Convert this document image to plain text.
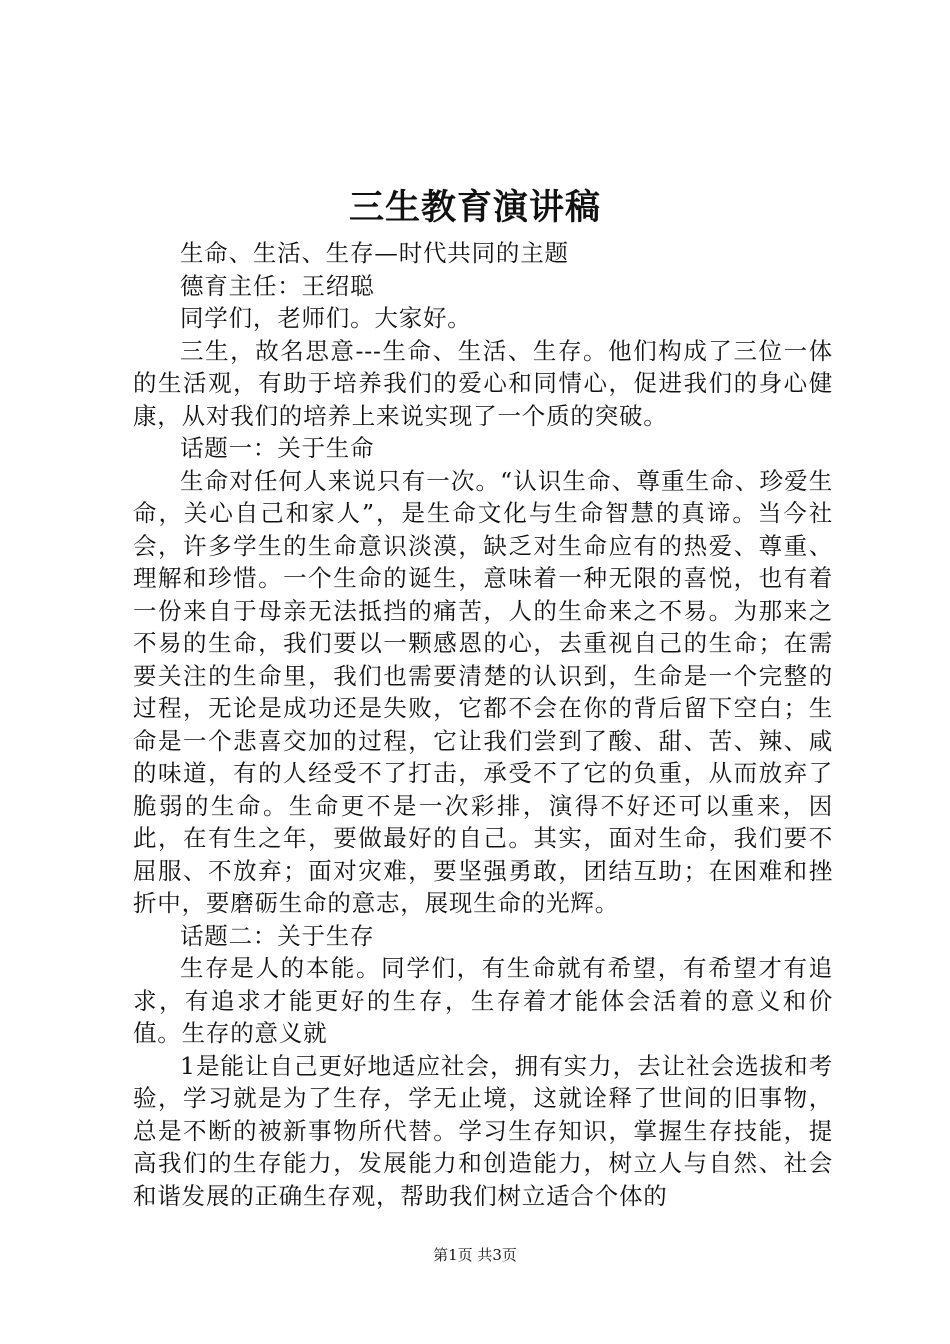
三生教育演讲稿

生命、生活、生存—时代共同的主题

德育主任：王绍聪

同学们，老师们。大家好。

三生，故名思意---生命、生活、生存。他们构成了三位一体的生活观，有助于培养我们的爱心和同情心，促进我们的身心健康，从对我们的培养上来说实现了一个质的突破。

话题一：关于生命

生命对任何人来说只有一次。“认识生命、尊重生命、珍爱生命，关心自己和家人”，是生命文化与生命智慧的真谛。当今社会，许多学生的生命意识淡漠，缺乏对生命应有的热爱、尊重、理解和珍惜。一个生命的诞生，意味着一种无限的喜悦，也有着一份来自于母亲无法抵挡的痛苦，人的生命来之不易。为那来之不易的生命，我们要以一颗感恩的心，去重视自己的生命；在需要关注的生命里，我们也需要清楚的认识到，生命是一个完整的过程，无论是成功还是失败，它都不会在你的背后留下空白；生命是一个悲喜交加的过程，它让我们尝到了酸、甜、苦、辣、咸的味道，有的人经受不了打击，承受不了它的负重，从而放弃了脆弱的生命。生命更不是一次彩排，演得不好还可以重来，因此，在有生之年，要做最好的自己。其实，面对生命，我们要不屈服、不放弃；面对灾难，要坚强勇敢，团结互助；在困难和挫折中，要磨砺生命的意志，展现生命的光辉。

话题二：关于生存

生存是人的本能。同学们，有生命就有希望，有希望才有追求，有追求才能更好的生存，生存着才能体会活着的意义和价值。生存的意义就

1是能让自己更好地适应社会，拥有实力，去让社会选拔和考验，学习就是为了生存，学无止境，这就诠释了世间的旧事物，总是不断的被新事物所代替。学习生存知识，掌握生存技能，提高我们的生存能力，发展能力和创造能力，树立人与自然、社会和谐发展的正确生存观，帮助我们树立适合个体的

第1页 共3页
